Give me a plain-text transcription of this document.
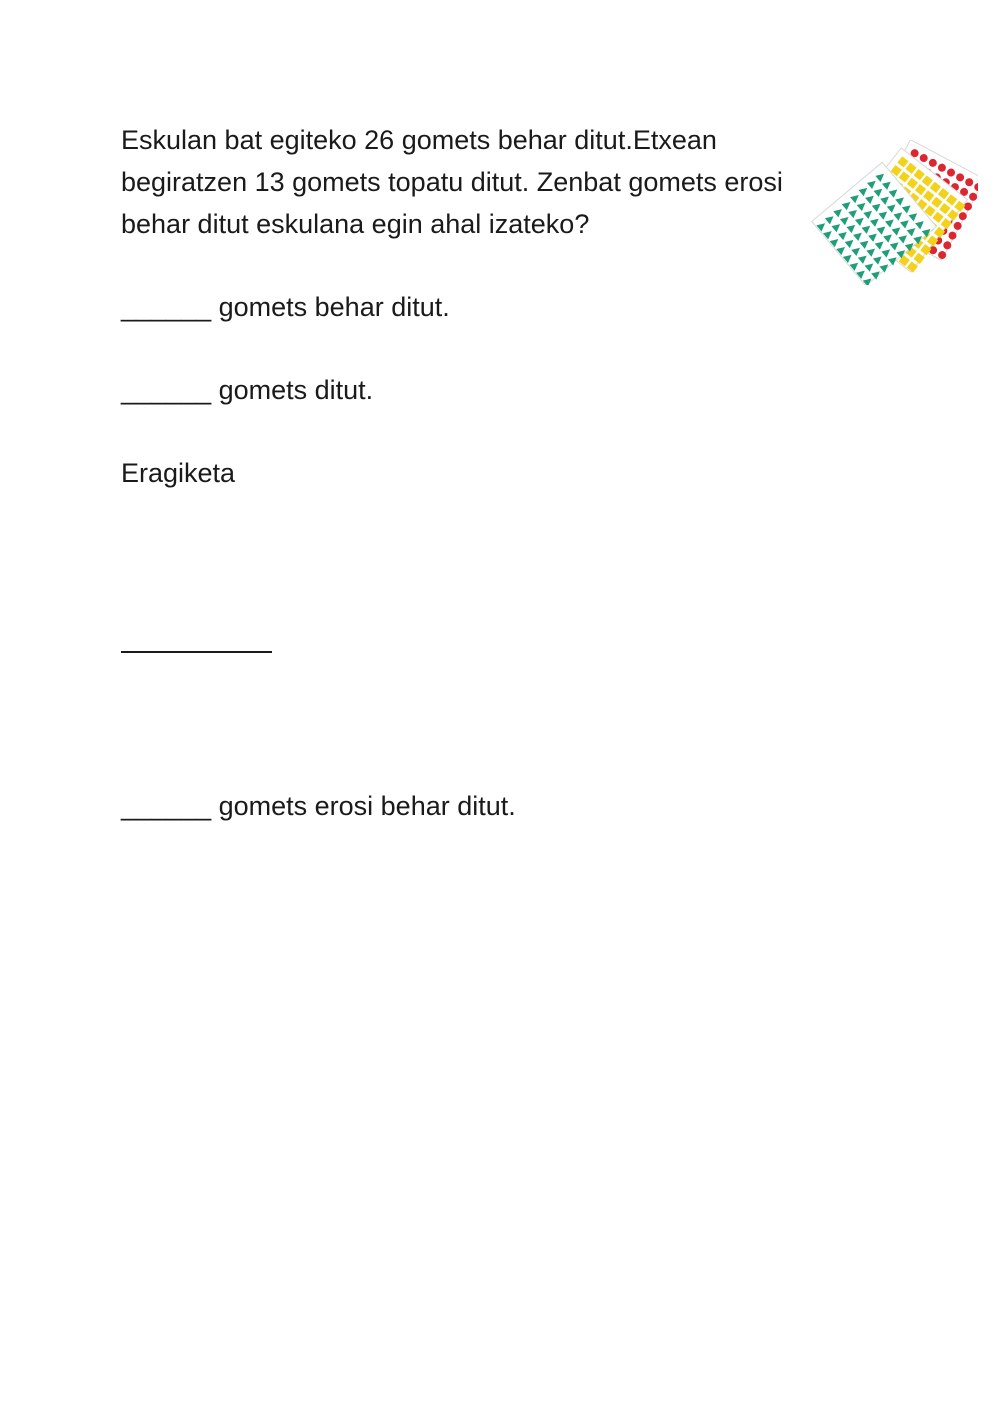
Eskulan bat egiteko 26 gomets behar ditut.Etxean begiratzen 13 gomets topatu ditut. Zenbat gomets erosi behar ditut eskulana egin ahal izateko?

______ gomets behar ditut.

______ gomets ditut.

Eragiketa

______ gomets erosi behar ditut.
